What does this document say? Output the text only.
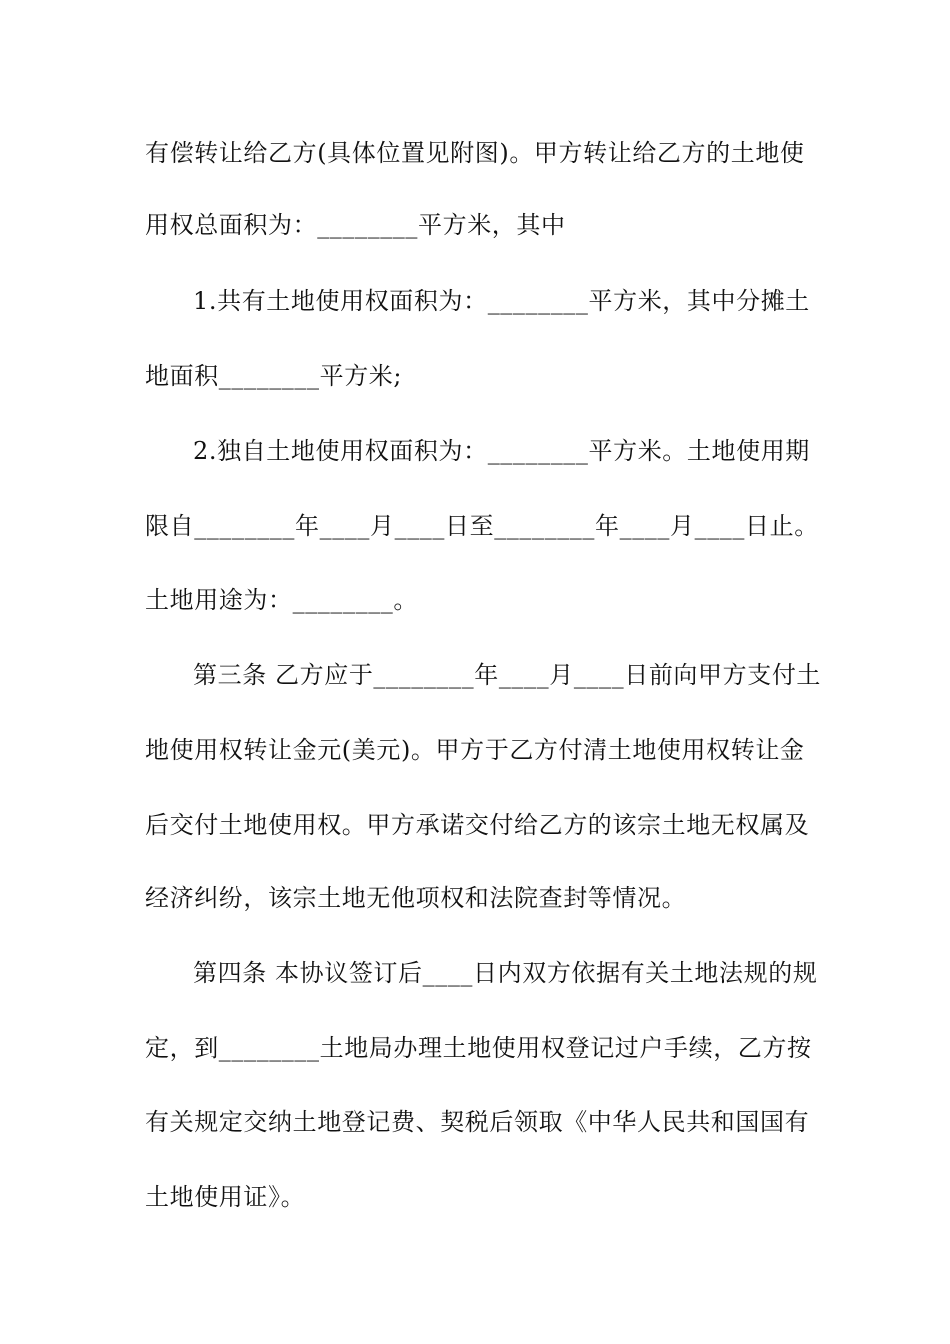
有偿转让给乙方(具体位置见附图)。甲方转让给乙方的土地使
用权总面积为：________平方米，其中
1.共有土地使用权面积为：________平方米，其中分摊土
地面积________平方米;
2.独自土地使用权面积为：________平方米。土地使用期
限自________年____月____日至________年____月____日止。
土地用途为：________。
第三条 乙方应于________年____月____日前向甲方支付土
地使用权转让金元(美元)。甲方于乙方付清土地使用权转让金
后交付土地使用权。甲方承诺交付给乙方的该宗土地无权属及
经济纠纷，该宗土地无他项权和法院查封等情况。
第四条 本协议签订后____日内双方依据有关土地法规的规
定，到________土地局办理土地使用权登记过户手续，乙方按
有关规定交纳土地登记费、契税后领取《中华人民共和国国有
土地使用证》。
